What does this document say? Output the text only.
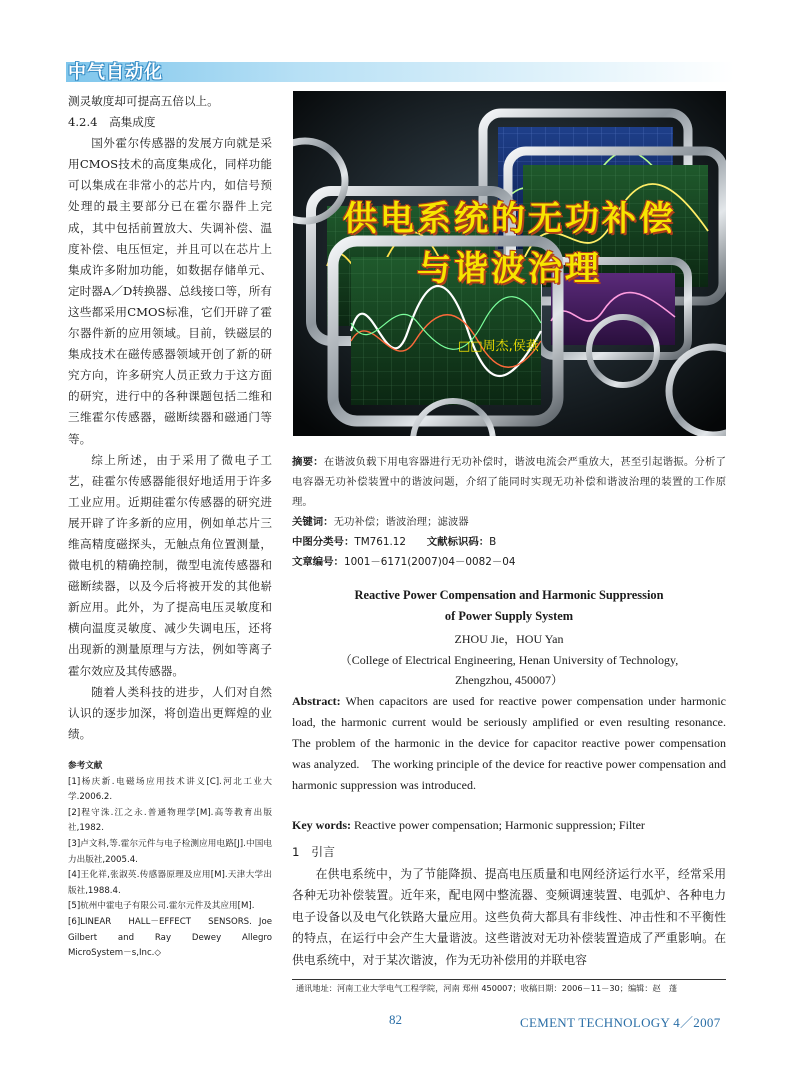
中气自动化

测灵敏度却可提高五倍以上。

4.2.4　高集成度

国外霍尔传感器的发展方向就是采用CMOS技术的高度集成化，同样功能可以集成在非常小的芯片内，如信号预处理的最主要部分已在霍尔器件上完成，其中包括前置放大、失调补偿、温度补偿、电压恒定，并且可以在芯片上集成许多附加功能，如数据存储单元、定时器A／D转换器、总线接口等，所有这些都采用CMOS标准，它们开辟了霍尔器件新的应用领域。目前，铁磁层的集成技术在磁传感器领域开创了新的研究方向，许多研究人员正致力于这方面的研究，进行中的各种课题包括二维和三维霍尔传感器，磁断续器和磁通门等等。

综上所述，由于采用了微电子工艺，硅霍尔传感器能很好地适用于许多工业应用。近期硅霍尔传感器的研究进展开辟了许多新的应用，例如单芯片三维高精度磁探头，无触点角位置测量，微电机的精确控制，微型电流传感器和磁断续器，以及今后将被开发的其他崭新应用。此外，为了提高电压灵敏度和横向温度灵敏度、减少失调电压，还将出现新的测量原理与方法，例如等离子霍尔效应及其传感器。

随着人类科技的进步，人们对自然认识的逐步加深，将创造出更辉煌的业绩。

参考文献

[1]杨庆新.电磁场应用技术讲义[C].河北工业大学.2006.2.

[2]程守洙.江之永.普通物理学[M].高等教育出版社,1982.

[3]卢文科,等.霍尔元件与电子检测应用电路[J].中国电力出版社,2005.4.

[4]王化祥,张淑英.传感器原理及应用[M].天津大学出版社,1988.4.

[5]杭州中霍电子有限公司.霍尔元件及其应用[M].

[6]LINEAR　HALL－EFFECT　SENSORS. Joe　Gilbert　and　Ray　Dewey　Allegro　MicroSystem－s,Inc.◇

供电系统的无功补偿
与谐波治理
□□周杰,侯燕

摘要：在谐波负载下用电容器进行无功补偿时，谐波电流会严重放大，甚至引起谐振。分析了电容器无功补偿装置中的谐波问题，介绍了能同时实现无功补偿和谐波治理的装置的工作原理。

关键词：无功补偿；谐波治理；滤波器

中图分类号：TM761.12　　 文献标识码：B

文章编号：1001－6171(2007)04－0082－04

Reactive Power Compensation and Harmonic Suppression
of Power Supply System
ZHOU Jie，HOU Yan
（College of Electrical Engineering, Henan University of Technology,
Zhengzhou, 450007）
Abstract: When capacitors are used for reactive power compensation under harmonic load, the harmonic current would be seriously amplified or even resulting resonance.　The problem of the harmonic in the device for capacitor reactive power compensation was analyzed.　The working principle of the device for reactive power compensation and harmonic suppression was introduced.
Key words: Reactive power compensation; Harmonic suppression; Filter

1　引言

在供电系统中，为了节能降损、提高电压质量和电网经济运行水平，经常采用各种无功补偿装置。近年来，配电网中整流器、变频调速装置、电弧炉、各种电力电子设备以及电气化铁路大量应用。这些负荷大都具有非线性、冲击性和不平衡性的特点，在运行中会产生大量谐波。这些谐波对无功补偿装置造成了严重影响。在供电系统中，对于某次谐波，作为无功补偿用的并联电容

通讯地址：河南工业大学电气工程学院，河南 郑州 450007；收稿日期：2006－11－30；编辑：赵　蓬
82	CEMENT TECHNOLOGY 4／2007
